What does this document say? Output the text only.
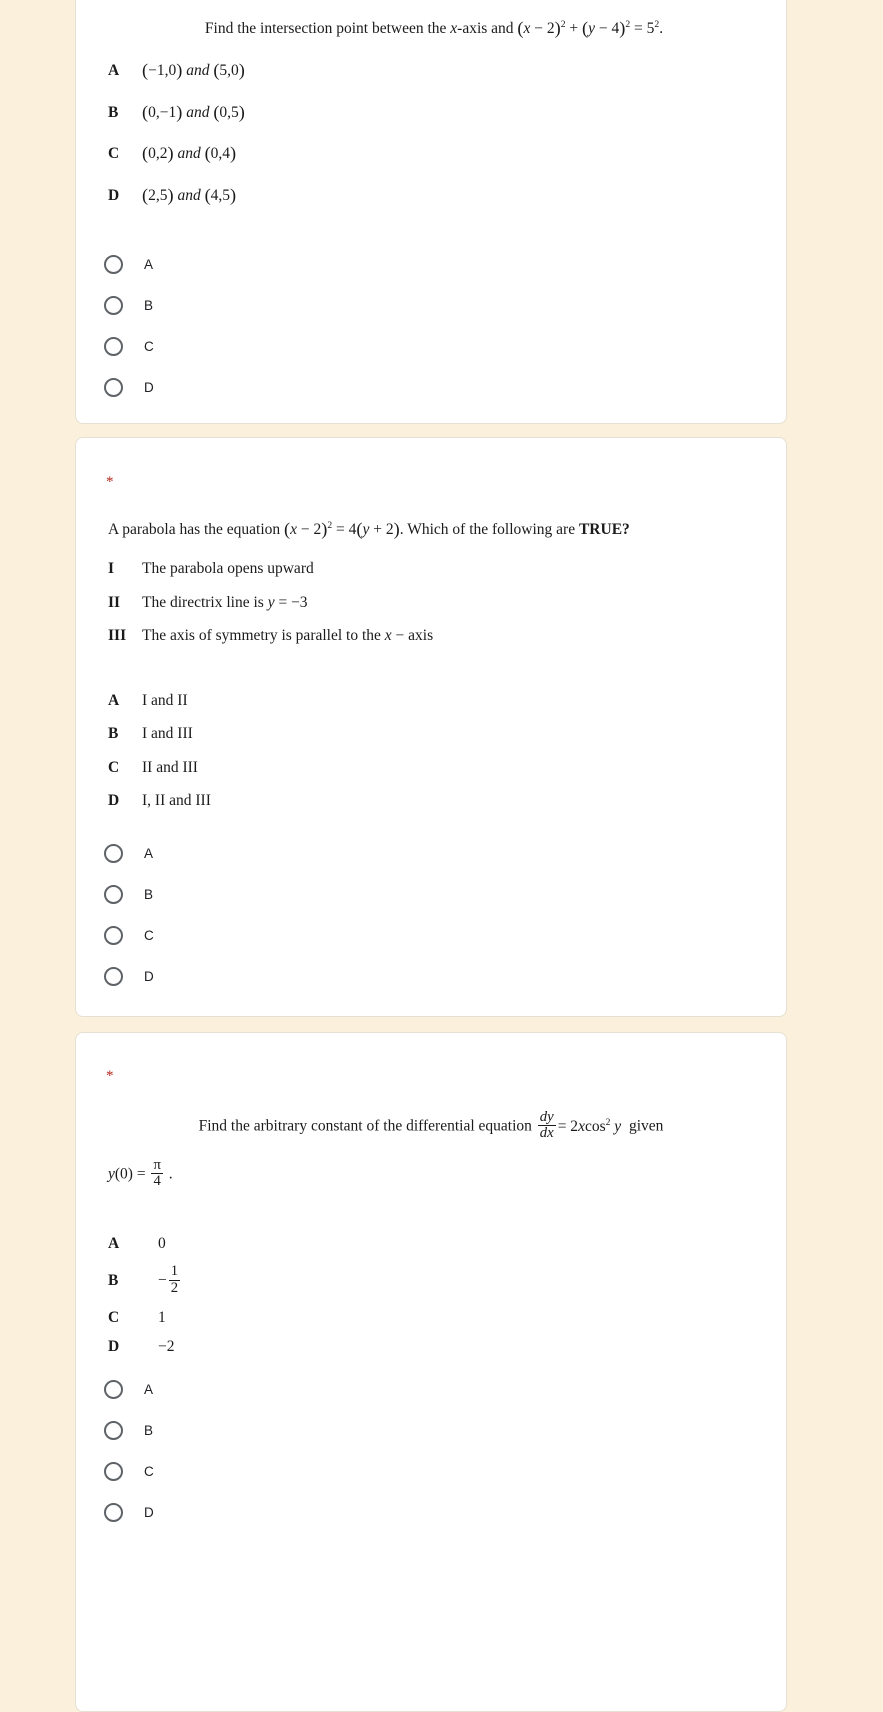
Find the intersection point between the x-axis and $(x - 2)^2 + (y - 4)^2 = 5^2$.
A	(−1,0) and (5,0)
B	(0,−1) and (0,5)
C	(0,2) and (0,4)
D	(2,5) and (4,5)
A
B
C
D
*
A parabola has the equation $(x - 2)^2 = 4(y + 2)$. Which of the following are TRUE?
I	The parabola opens upward
II	The directrix line is y = −3
III	The axis of symmetry is parallel to the x − axis
A	I and II
B	I and III
C	II and III
D	I, II and III
A
B
C
D
*
Find the arbitrary constant of the differential equation $\frac{dy}{dx} = 2xcos^2$ y given
$y(0) = \frac{\pi}{4}$ .
A	0
B	− $\frac{1}{2}$
C	1
D	−2
A
B
C
D
